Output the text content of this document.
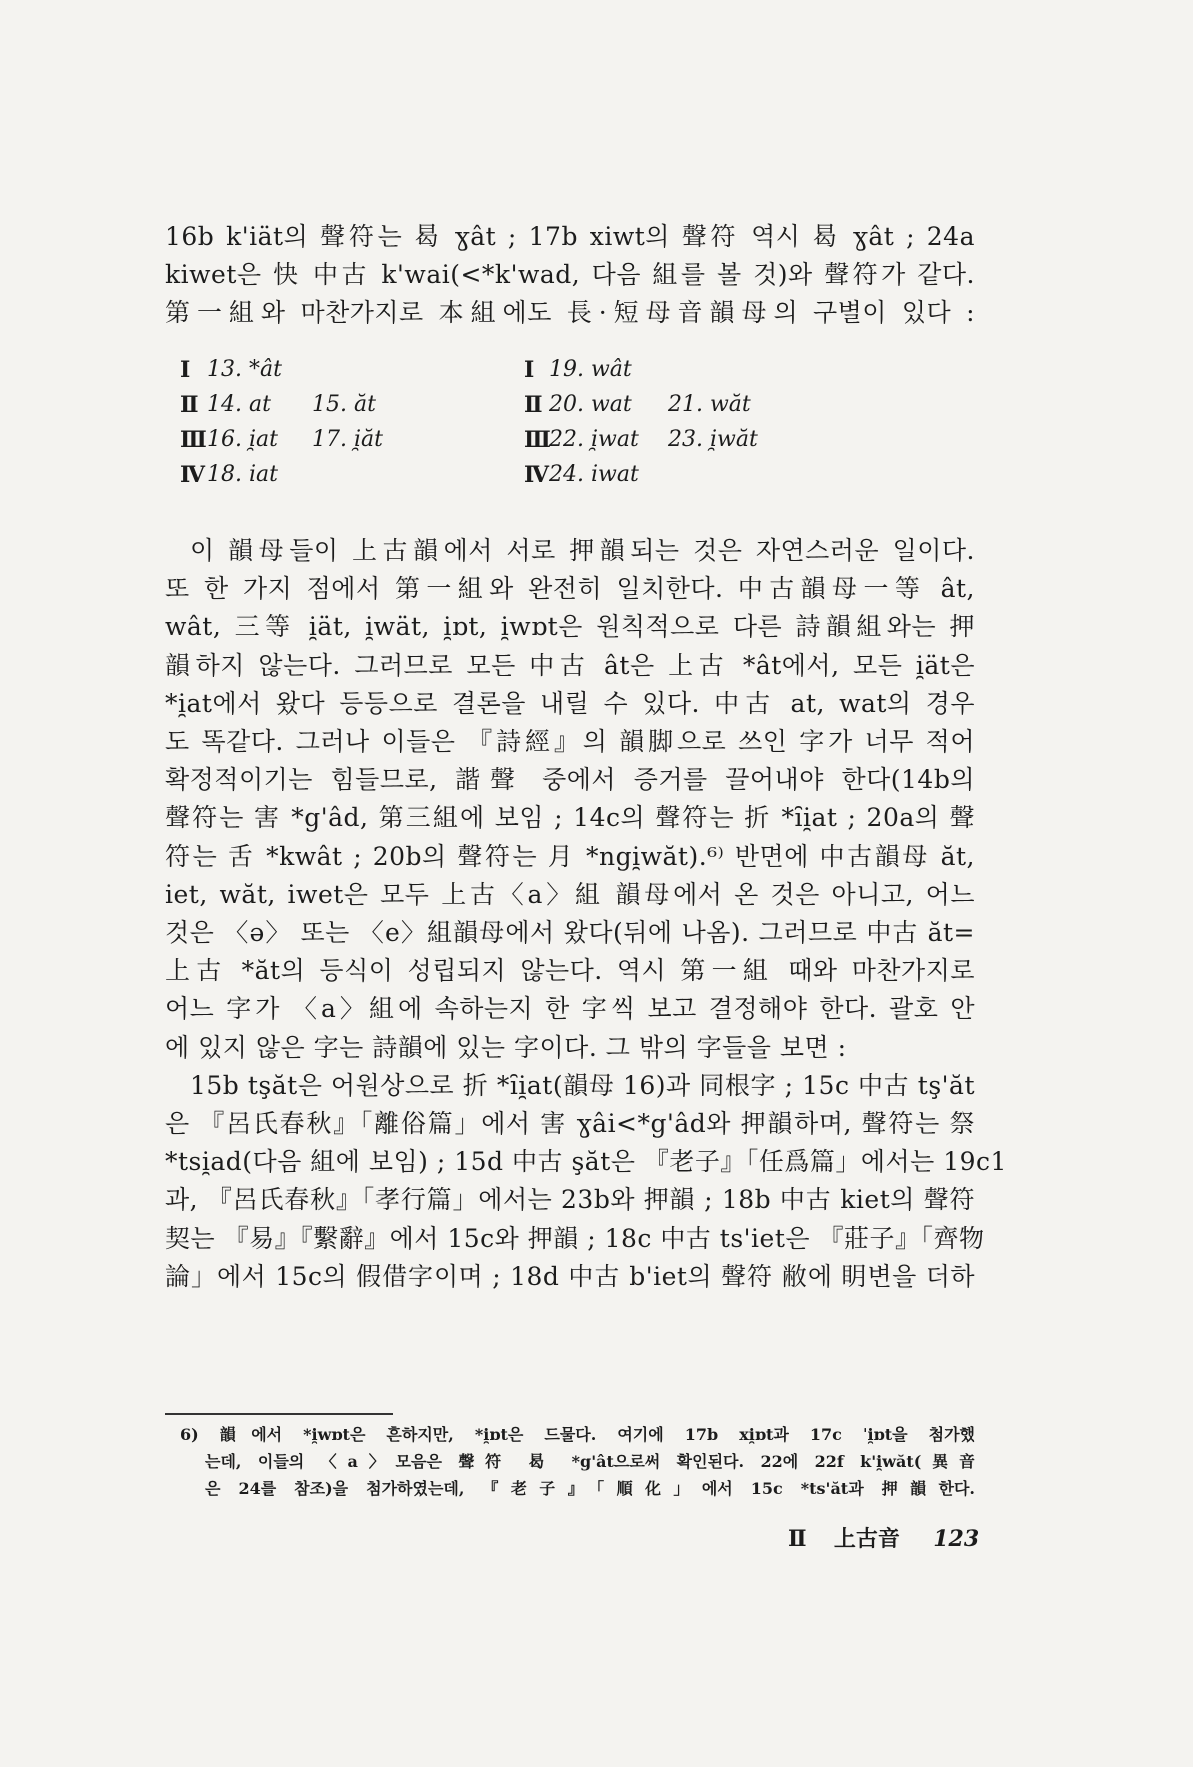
16b k'iät의 聲符는 曷 ɣât ; 17b xiwt의 聲符 역시 曷 ɣât ; 24a
kiwet은 快 中古 k'wai(<*k'wad, 다음 組를 볼 것)와 聲符가 같다.
第一組와 마찬가지로 本組에도 長·短母音韻母의 구별이 있다 :
Ⅰ 13. *ât
Ⅱ 14. at 15. ăt
Ⅲ 16. i̯at 17. i̯ăt
Ⅳ 18. iat
Ⅰ 19. wât
Ⅱ 20. wat 21. wăt
Ⅲ
22. i̯wat 23. i̯wăt
Ⅳ 24. iwat
이 韻母들이 上古韻에서 서로 押韻되는 것은 자연스러운 일이다.
또 한 가지 점에서 第一組와 완전히 일치한다. 中古韻母一等 ât,
wât, 三等 i̯ät, i̯wät, i̯ɒt, i̯wɒt은 원칙적으로 다른 詩韻組와는 押
韻하지 않는다. 그러므로 모든 中古 ât은 上古 *ât에서, 모든 i̯ät은
*i̯at에서 왔다 등등으로 결론을 내릴 수 있다. 中古 at, wat의 경우
도 똑같다. 그러나 이들은 『詩經』의 韻脚으로 쓰인 字가 너무 적어
확정적이기는 힘들므로, 諧聲 중에서 증거를 끌어내야 한다(14b의
聲符는 害 *g'âd, 第三組에 보임 ; 14c의 聲符는 折 *ȋi̯at ; 20a의 聲
符는 舌 *kwât ; 20b의 聲符는 月 *ngi̯wăt).⁶⁾ 반면에 中古韻母 ăt,
iet, wăt, iwet은 모두 上古〈a〉組 韻母에서 온 것은 아니고, 어느
것은 〈ə〉 또는 〈e〉組韻母에서 왔다(뒤에 나옴). 그러므로 中古 ăt=
上古 *ăt의 등식이 성립되지 않는다. 역시 第一組 때와 마찬가지로
어느 字가 〈a〉組에 속하는지 한 字씩 보고 결정해야 한다. 괄호 안
에 있지 않은 字는 詩韻에 있는 字이다. 그 밖의 字들을 보면 :
15b tşăt은 어원상으로 折 *ȋi̯at(韻母 16)과 同根字 ; 15c 中古 tş'ăt
은 『呂氏春秋』「離俗篇」에서 害 ɣâi<*g'âd와 押韻하며, 聲符는 祭
*tsi̯ad(다음 組에 보임) ; 15d 中古 şăt은 『老子』「任爲篇」에서는 19c1
과, 『呂氏春秋』「孝行篇」에서는 23b와 押韻 ; 18b 中古 kiet의 聲符
契는 『易』『繫辭』에서 15c와 押韻 ; 18c 中古 ts'iet은 『莊子』「齊物
論」에서 15c의 假借字이며 ; 18d 中古 b'iet의 聲符 敝에 眀변을 더하
6) 韻에서 *i̯wɒt은 흔하지만, *i̯ɒt은 드물다. 여기에 17b xi̯ɒt과 17c ˈi̯ɒt을 첨가했
는데, 이들의 〈a〉모음은 聲符 曷 *g'ât으로써 확인된다. 22에 22f k'i̯wăt(異音
은 24를 참조)을 첨가하였는데, 『老子』「順化」에서 15c *ts'ăt과 押韻한다.
Ⅱ 上古音 123
